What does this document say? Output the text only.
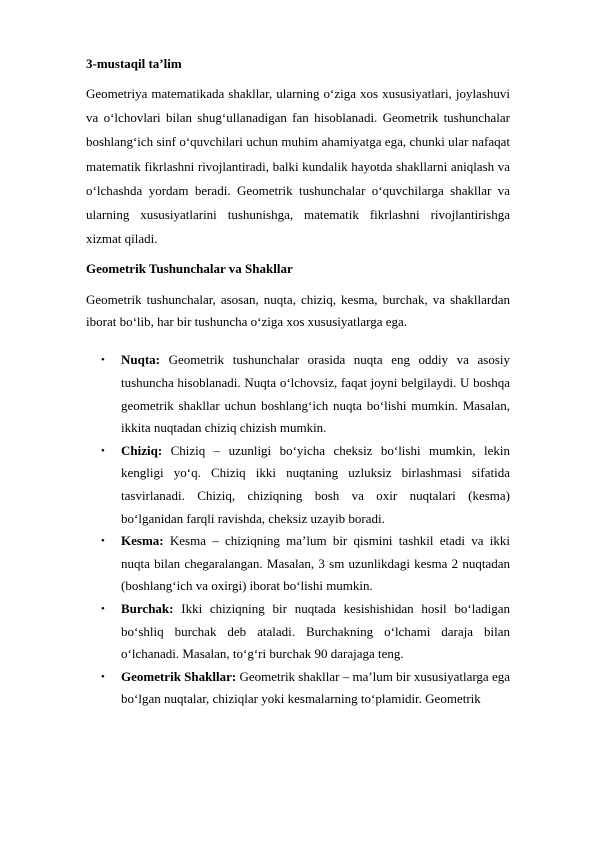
3-mustaqil ta’lim

Geometriya matematikada shakllar, ularning o‘ziga xos xususiyatlari, joylashuvi va o‘lchovlari bilan shug‘ullanadigan fan hisoblanadi. Geometrik tushunchalar boshlang‘ich sinf o‘quvchilari uchun muhim ahamiyatga ega, chunki ular nafaqat matematik fikrlashni rivojlantiradi, balki kundalik hayotda shakllarni aniqlash va o‘lchashda yordam beradi. Geometrik tushunchalar o‘quvchilarga shakllar va ularning xususiyatlarini tushunishga, matematik fikrlashni rivojlantirishga xizmat qiladi.

Geometrik Tushunchalar va Shakllar

Geometrik tushunchalar, asosan, nuqta, chiziq, kesma, burchak, va shakllardan iborat bo‘lib, har bir tushuncha o‘ziga xos xususiyatlarga ega.

• Nuqta: Geometrik tushunchalar orasida nuqta eng oddiy va asosiy tushuncha hisoblanadi. Nuqta o‘lchovsiz, faqat joyni belgilaydi. U boshqa geometrik shakllar uchun boshlang‘ich nuqta bo‘lishi mumkin. Masalan, ikkita nuqtadan chiziq chizish mumkin.
• Chiziq: Chiziq – uzunligi bo‘yicha cheksiz bo‘lishi mumkin, lekin kengligi yo‘q. Chiziq ikki nuqtaning uzluksiz birlashmasi sifatida tasvirlanadi. Chiziq, chiziqning bosh va oxir nuqtalari (kesma) bo‘lganidan farqli ravishda, cheksiz uzayib boradi.
• Kesma: Kesma – chiziqning ma’lum bir qismini tashkil etadi va ikki nuqta bilan chegaralangan. Masalan, 3 sm uzunlikdagi kesma 2 nuqtadan (boshlang‘ich va oxirgi) iborat bo‘lishi mumkin.
• Burchak: Ikki chiziqning bir nuqtada kesishishidan hosil bo‘ladigan bo‘shliq burchak deb ataladi. Burchakning o‘lchami daraja bilan o‘lchanadi. Masalan, to‘g‘ri burchak 90 darajaga teng.
• Geometrik Shakllar: Geometrik shakllar – ma’lum bir xususiyatlarga ega bo‘lgan nuqtalar, chiziqlar yoki kesmalarning to‘plamidir. Geometrik
